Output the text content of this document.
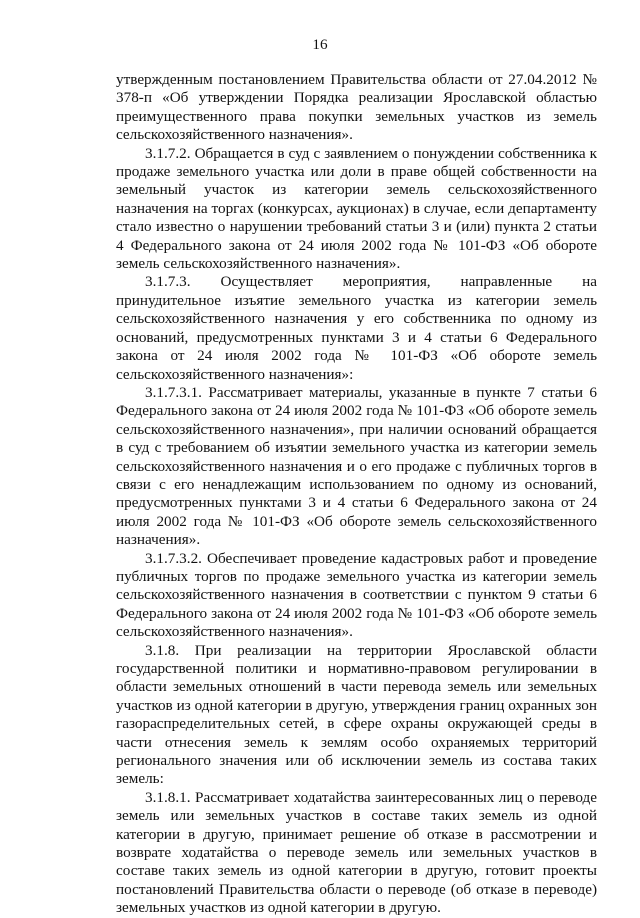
16

утвержденным постановлением Правительства области от 27.04.2012 № 378-п «Об утверждении Порядка реализации Ярославской областью преимущественного права покупки земельных участков из земель сельскохозяйственного назначения».

3.1.7.2. Обращается в суд с заявлением о понуждении собственника к продаже земельного участка или доли в праве общей собственности на земельный участок из категории земель сельскохозяйственного назначения на торгах (конкурсах, аукционах) в случае, если департаменту стало известно о нарушении требований статьи 3 и (или) пункта 2 статьи 4 Федерального закона от 24 июля 2002 года № 101-ФЗ «Об обороте земель сельскохозяйственного назначения».

3.1.7.3. Осуществляет мероприятия, направленные на принудительное изъятие земельного участка из категории земель сельскохозяйственного назначения у его собственника по одному из оснований, предусмотренных пунктами 3 и 4 статьи 6 Федерального закона от 24 июля 2002 года № 101-ФЗ «Об обороте земель сельскохозяйственного назначения»:

3.1.7.3.1. Рассматривает материалы, указанные в пункте 7 статьи 6 Федерального закона от 24 июля 2002 года № 101-ФЗ «Об обороте земель сельскохозяйственного назначения», при наличии оснований обращается в суд с требованием об изъятии земельного участка из категории земель сельскохозяйственного назначения и о его продаже с публичных торгов в связи с его ненадлежащим использованием по одному из оснований, предусмотренных пунктами 3 и 4 статьи 6 Федерального закона от 24 июля 2002 года № 101-ФЗ «Об обороте земель сельскохозяйственного назначения».

3.1.7.3.2. Обеспечивает проведение кадастровых работ и проведение публичных торгов по продаже земельного участка из категории земель сельскохозяйственного назначения в соответствии с пунктом 9 статьи 6 Федерального закона от 24 июля 2002 года № 101-ФЗ «Об обороте земель сельскохозяйственного назначения».

3.1.8. При реализации на территории Ярославской области государственной политики и нормативно-правовом регулировании в области земельных отношений в части перевода земель или земельных участков из одной категории в другую, утверждения границ охранных зон газораспределительных сетей, в сфере охраны окружающей среды в части отнесения земель к землям особо охраняемых территорий регионального значения или об исключении земель из состава таких земель:

3.1.8.1. Рассматривает ходатайства заинтересованных лиц о переводе земель или земельных участков в составе таких земель из одной категории в другую, принимает решение об отказе в рассмотрении и возврате ходатайства о переводе земель или земельных участков в составе таких земель из одной категории в другую, готовит проекты постановлений Правительства области о переводе (об отказе в переводе) земельных участков из одной категории в другую.
